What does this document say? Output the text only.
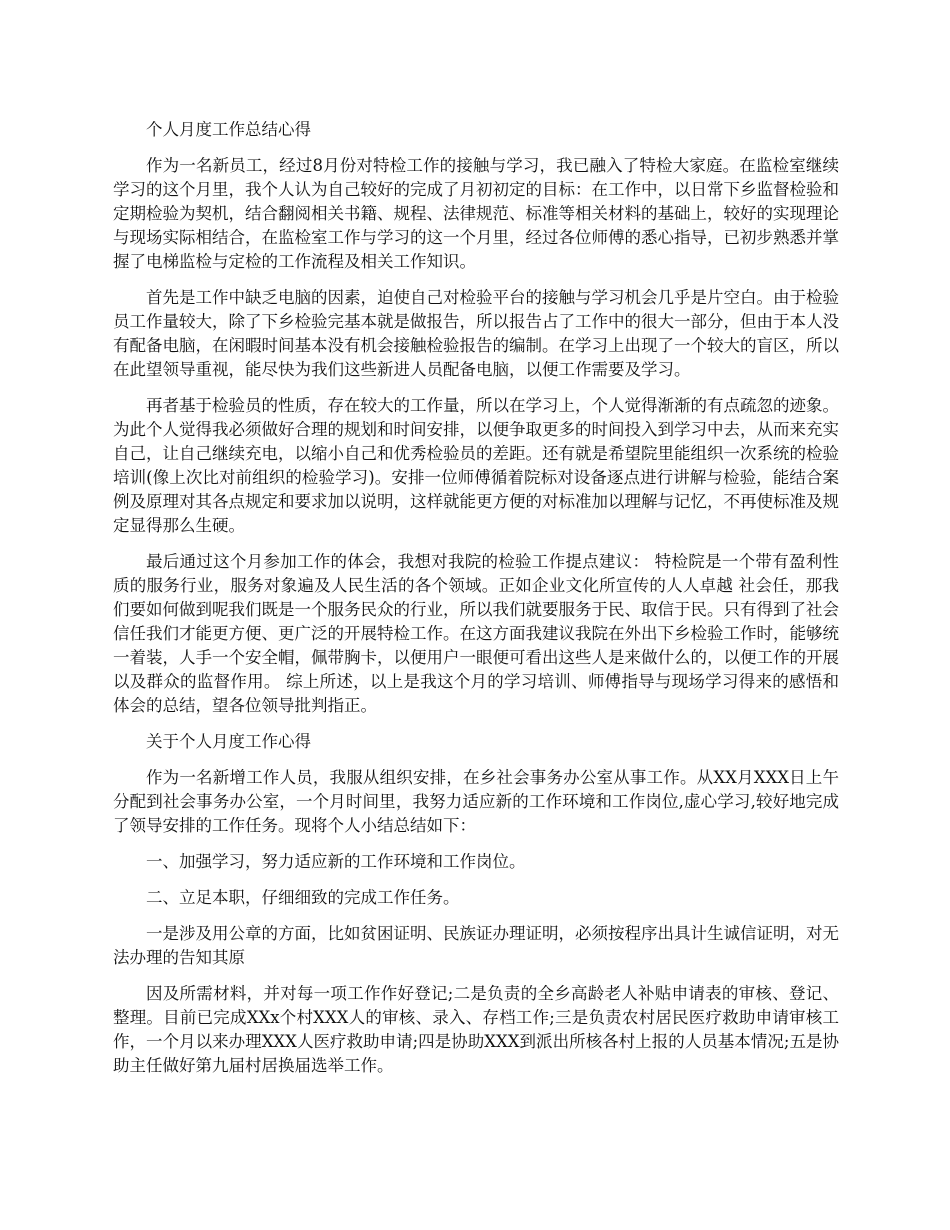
个人月度工作总结心得

作为一名新员工，经过8月份对特检工作的接触与学习，我已融入了特检大家庭。在监检室继续学习的这个月里，我个人认为自己较好的完成了月初初定的目标：在工作中，以日常下乡监督检验和定期检验为契机，结合翻阅相关书籍、规程、法律规范、标准等相关材料的基础上，较好的实现理论与现场实际相结合，在监检室工作与学习的这一个月里，经过各位师傅的悉心指导，已初步熟悉并掌握了电梯监检与定检的工作流程及相关工作知识。

首先是工作中缺乏电脑的因素，迫使自己对检验平台的接触与学习机会几乎是片空白。由于检验员工作量较大，除了下乡检验完基本就是做报告，所以报告占了工作中的很大一部分，但由于本人没有配备电脑，在闲暇时间基本没有机会接触检验报告的编制。在学习上出现了一个较大的盲区，所以在此望领导重视，能尽快为我们这些新进人员配备电脑，以便工作需要及学习。

再者基于检验员的性质，存在较大的工作量，所以在学习上，个人觉得渐渐的有点疏忽的迹象。为此个人觉得我必须做好合理的规划和时间安排，以便争取更多的时间投入到学习中去，从而来充实自己，让自己继续充电，以缩小自己和优秀检验员的差距。还有就是希望院里能组织一次系统的检验培训(像上次比对前组织的检验学习)。安排一位师傅循着院标对设备逐点进行讲解与检验，能结合案例及原理对其各点规定和要求加以说明，这样就能更方便的对标准加以理解与记忆，不再使标准及规定显得那么生硬。

最后通过这个月参加工作的体会，我想对我院的检验工作提点建议： 特检院是一个带有盈利性质的服务行业，服务对象遍及人民生活的各个领域。正如企业文化所宣传的人人卓越 社会任，那我们要如何做到呢我们既是一个服务民众的行业，所以我们就要服务于民、取信于民。只有得到了社会信任我们才能更方便、更广泛的开展特检工作。在这方面我建议我院在外出下乡检验工作时，能够统一着装，人手一个安全帽，佩带胸卡，以便用户一眼便可看出这些人是来做什么的，以便工作的开展以及群众的监督作用。 综上所述，以上是我这个月的学习培训、师傅指导与现场学习得来的感悟和体会的总结，望各位领导批判指正。

关于个人月度工作心得

作为一名新增工作人员，我服从组织安排，在乡社会事务办公室从事工作。从XX月XXX日上午分配到社会事务办公室，一个月时间里，我努力适应新的工作环境和工作岗位,虚心学习,较好地完成了领导安排的工作任务。现将个人小结总结如下：

一、加强学习，努力适应新的工作环境和工作岗位。

二、立足本职，仔细细致的完成工作任务。

一是涉及用公章的方面，比如贫困证明、民族证办理证明，必须按程序出具计生诚信证明，对无法办理的告知其原

因及所需材料，并对每一项工作作好登记;二是负责的全乡高龄老人补贴申请表的审核、登记、整理。目前已完成XXx个村XXX人的审核、录入、存档工作;三是负责农村居民医疗救助申请审核工作，一个月以来办理XXX人医疗救助申请;四是协助XXX到派出所核各村上报的人员基本情况;五是协助主任做好第九届村居换届选举工作。
